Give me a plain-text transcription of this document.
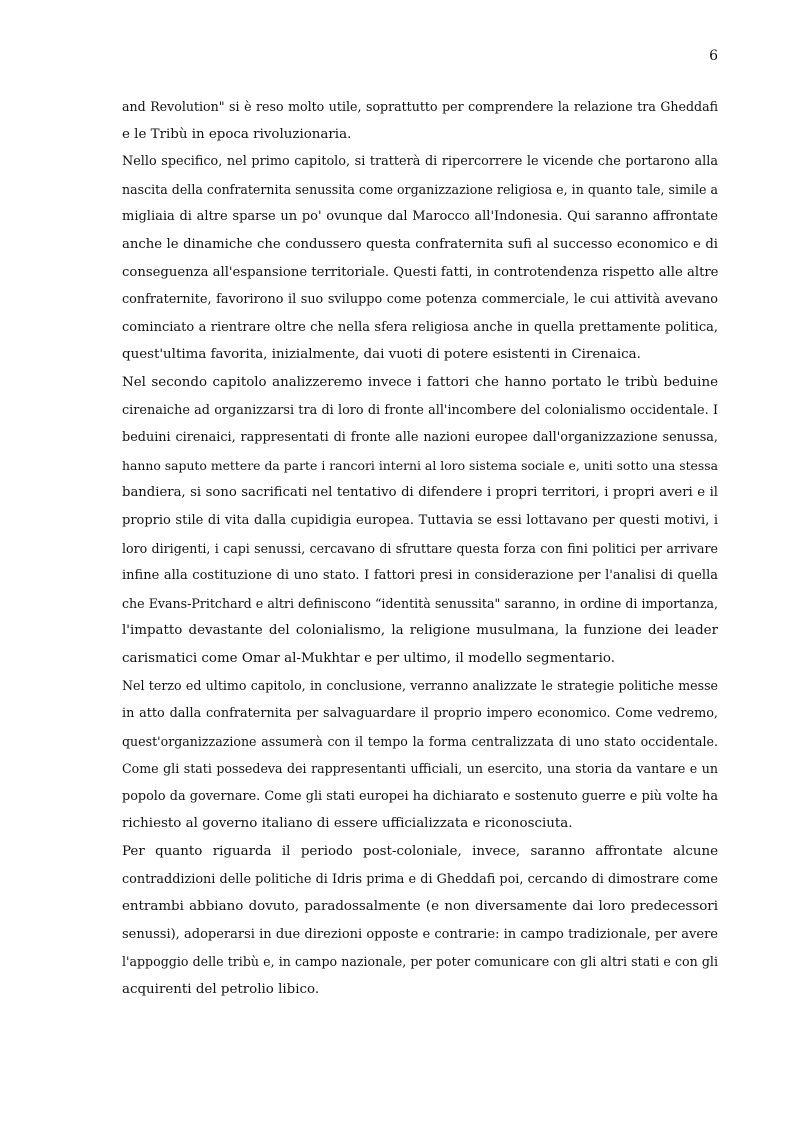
6
and Revolution" si è reso molto utile, soprattutto per comprendere la relazione tra Gheddafi
e le Tribù in epoca rivoluzionaria.
Nello specifico, nel primo capitolo, si tratterà di ripercorrere le vicende che portarono alla
nascita della confraternita senussita come organizzazione religiosa e, in quanto tale, simile a
migliaia di altre sparse un po' ovunque dal Marocco all'Indonesia. Qui saranno affrontate
anche le dinamiche che condussero questa confraternita sufi al successo economico e di
conseguenza all'espansione territoriale. Questi fatti, in controtendenza rispetto alle altre
confraternite, favorirono il suo sviluppo come potenza commerciale, le cui attività avevano
cominciato a rientrare oltre che nella sfera religiosa anche in quella prettamente politica,
quest'ultima favorita, inizialmente, dai vuoti di potere esistenti in Cirenaica.
Nel secondo capitolo analizzeremo invece i fattori che hanno portato le tribù beduine
cirenaiche ad organizzarsi tra di loro di fronte all'incombere del colonialismo occidentale. I
beduini cirenaici, rappresentati di fronte alle nazioni europee dall'organizzazione senussa,
hanno saputo mettere da parte i rancori interni al loro sistema sociale e, uniti sotto una stessa
bandiera, si sono sacrificati nel tentativo di difendere i propri territori, i propri averi e il
proprio stile di vita dalla cupidigia europea. Tuttavia se essi lottavano per questi motivi, i
loro dirigenti, i capi senussi, cercavano di sfruttare questa forza con fini politici per arrivare
infine alla costituzione di uno stato. I fattori presi in considerazione per l'analisi di quella
che Evans-Pritchard e altri definiscono “identità senussita" saranno, in ordine di importanza,
l'impatto devastante del colonialismo, la religione musulmana, la funzione dei leader
carismatici come Omar al-Mukhtar e per ultimo, il modello segmentario.
Nel terzo ed ultimo capitolo, in conclusione, verranno analizzate le strategie politiche messe
in atto dalla confraternita per salvaguardare il proprio impero economico. Come vedremo,
quest'organizzazione assumerà con il tempo la forma centralizzata di uno stato occidentale.
Come gli stati possedeva dei rappresentanti ufficiali, un esercito, una storia da vantare e un
popolo da governare. Come gli stati europei ha dichiarato e sostenuto guerre e più volte ha
richiesto al governo italiano di essere ufficializzata e riconosciuta.
Per quanto riguarda il periodo post-coloniale, invece, saranno affrontate alcune
contraddizioni delle politiche di Idris prima e di Gheddafi poi, cercando di dimostrare come
entrambi abbiano dovuto, paradossalmente (e non diversamente dai loro predecessori
senussi), adoperarsi in due direzioni opposte e contrarie: in campo tradizionale, per avere
l'appoggio delle tribù e, in campo nazionale, per poter comunicare con gli altri stati e con gli
acquirenti del petrolio libico.
